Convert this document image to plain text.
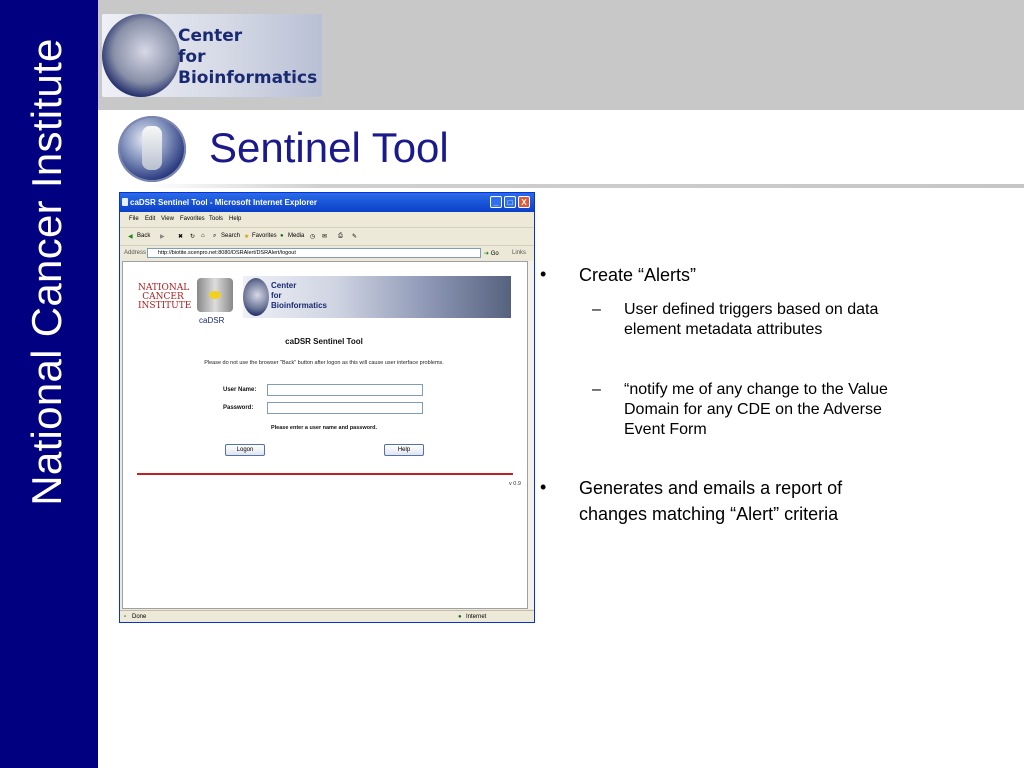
National Cancer Institute
Center
for
Bioinformatics
Sentinel Tool
caDSR Sentinel Tool - Microsoft Internet Explorer	_	□	X
File Edit View Favorites Tools Help
◀ Back ▶ ✖ ↻ ⌂ ⌕ Search ★ Favorites ● Media ◷ ✉ ⎙ ✎
Address	http://biotite.scenpro.net:8080/DSRAlert/DSRAlert/logout	➜ Go Links
NATIONAL
CANCER
INSTITUTE
caDSR
Center
for
Bioinformatics
caDSR Sentinel Tool
Please do not use the browser "Back" button after logon as this will cause user interface problems.
User Name:
Password:
Please enter a user name and password.
Logon	Help
v 0.9
▫ Done	● Internet
• Create “Alerts”
– User defined triggers based on data element metadata attributes
– “notify me of any change to the Value Domain for any CDE on the Adverse Event Form
• Generates and emails a report of changes matching “Alert” criteria
